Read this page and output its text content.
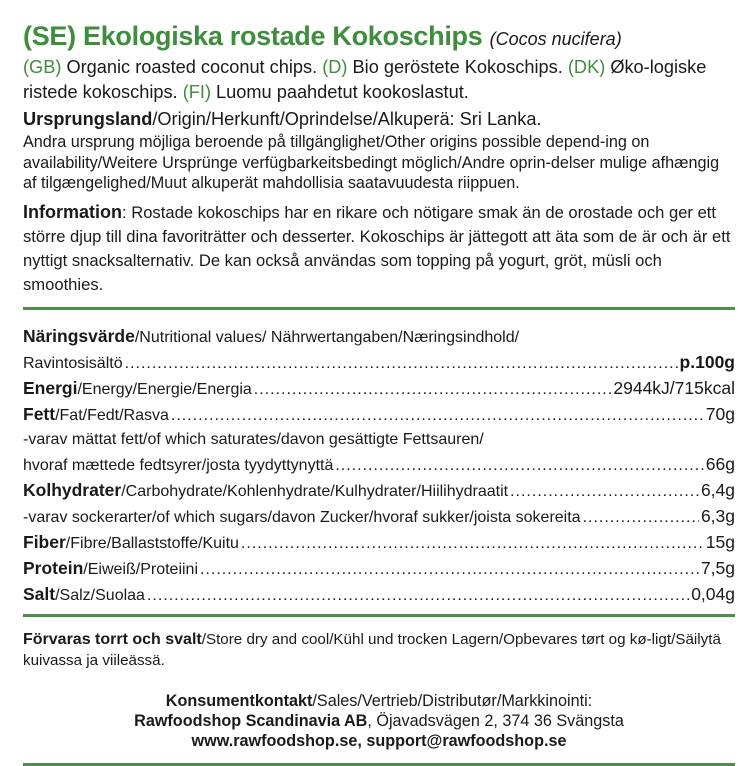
(SE) Ekologiska rostade Kokoschips (Cocos nucifera)
(GB) Organic roasted coconut chips. (D) Bio geröstete Kokoschips. (DK) Øko-logiske ristede kokoschips. (FI) Luomu paahdetut kookoslastut.
Ursprungsland/Origin/Herkunft/Oprindelse/Alkuperä: Sri Lanka.
Andra ursprung möjliga beroende på tillgänglighet/Other origins possible depend-ing on availability/Weitere Ursprünge verfügbarkeitsbedingt möglich/Andre oprin-delser mulige afhængig af tilgængelighed/Muut alkuperät mahdollisia saatavuudesta riippuen.
Information: Rostade kokoschips har en rikare och nötigare smak än de orostade och ger ett större djup till dina favoriträtter och desserter. Kokoschips är jättegott att äta som de är och är ett nyttigt snacksalternativ. De kan också användas som topping på yogurt, gröt, müsli och smoothies.
Näringsvärde/Nutritional values/ Nährwertangaben/Næringsindhold/
Ravintosisältö .....	p.100g
Energi/Energy/Energie/Energia .....	2944kJ/715kcal
Fett/Fat/Fedt/Rasva .....	70g
-varav mättat fett/of which saturates/davon gesättigte Fettsauren/
hvoraf mættede fedtsyrer/josta tyydyttynyttä .....	66g
Kolhydrater/Carbohydrate/Kohlenhydrate/Kulhydrater/Hiilihydraatit .....	6,4g
-varav sockerarter/of which sugars/davon Zucker/hvoraf sukker/joista sokereita .....	6,3g
Fiber/Fibre/Ballaststoffe/Kuitu .....	15g
Protein/Eiweiß/Proteiini .....	7,5g
Salt/Salz/Suolaa .....	0,04g
Förvaras torrt och svalt/Store dry and cool/Kühl und trocken Lagern/Opbevares tørt og kø-ligt/Säilytä kuivassa ja viileässä.
Konsumentkontakt/Sales/Vertrieb/Distributør/Markkinointi:
Rawfoodshop Scandinavia AB, Öjavadsvägen 2, 374 36 Svängsta
www.rawfoodshop.se, support@rawfoodshop.se
